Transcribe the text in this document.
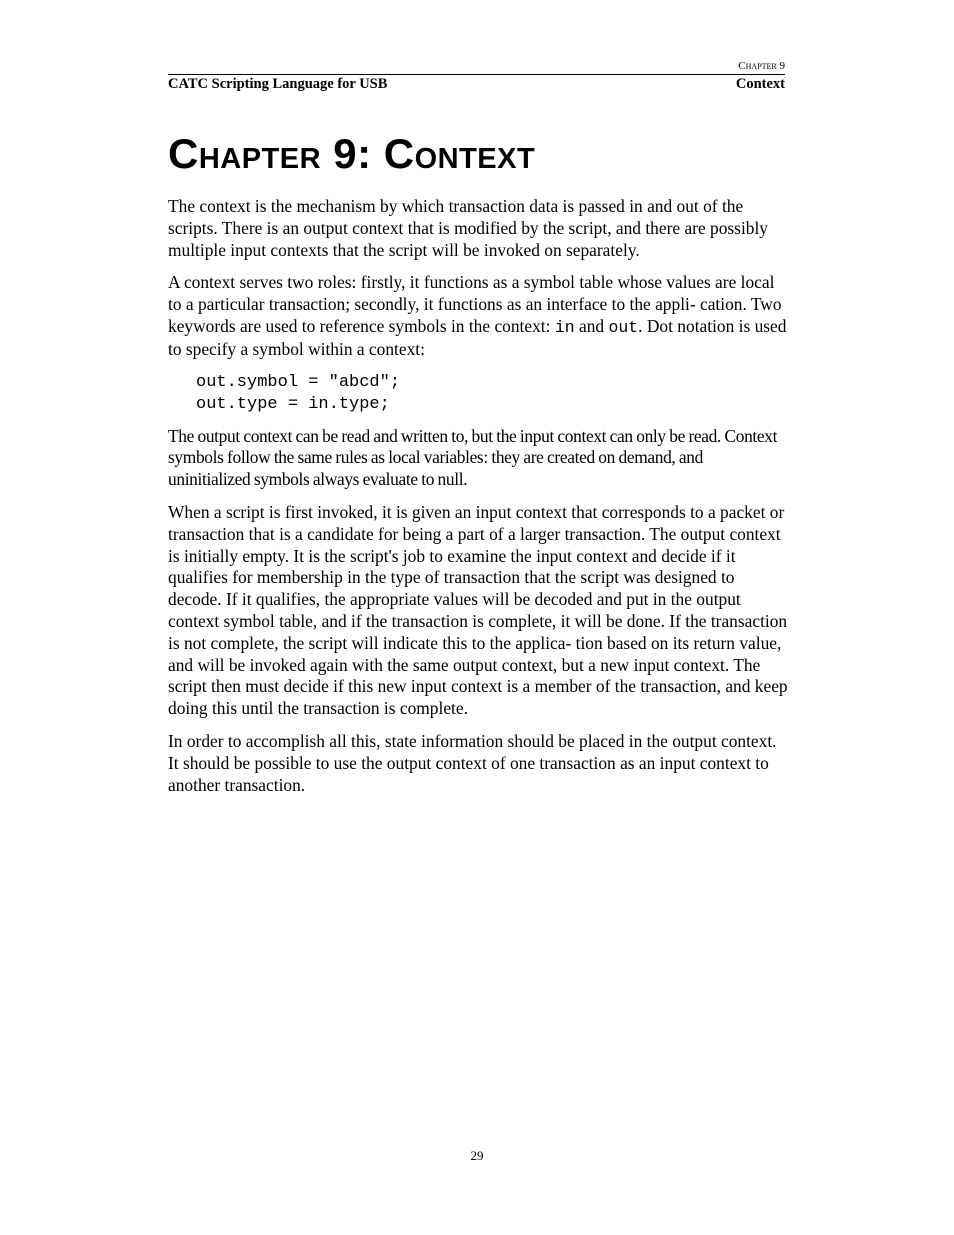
Chapter 9
CATC Scripting Language for USB	Context
Chapter 9: Context

The context is the mechanism by which transaction data is passed in and out of the scripts. There is an output context that is modified by the script, and there are possibly multiple input contexts that the script will be invoked on separately.

A context serves two roles: firstly, it functions as a symbol table whose values are local to a particular transaction; secondly, it functions as an interface to the appli- cation. Two keywords are used to reference symbols in the context: in and out. Dot notation is used to specify a symbol within a context:

out.symbol = "abcd";
out.type = in.type;

The output context can be read and written to, but the input context can only be read. Context symbols follow the same rules as local variables: they are created on demand, and uninitialized symbols always evaluate to null.

When a script is first invoked, it is given an input context that corresponds to a packet or transaction that is a candidate for being a part of a larger transaction. The output context is initially empty. It is the script's job to examine the input context and decide if it qualifies for membership in the type of transaction that the script was designed to decode. If it qualifies, the appropriate values will be decoded and put in the output context symbol table, and if the transaction is complete, it will be done. If the transaction is not complete, the script will indicate this to the applica- tion based on its return value, and will be invoked again with the same output context, but a new input context. The script then must decide if this new input context is a member of the transaction, and keep doing this until the transaction is complete.

In order to accomplish all this, state information should be placed in the output context. It should be possible to use the output context of one transaction as an input context to another transaction.

29
